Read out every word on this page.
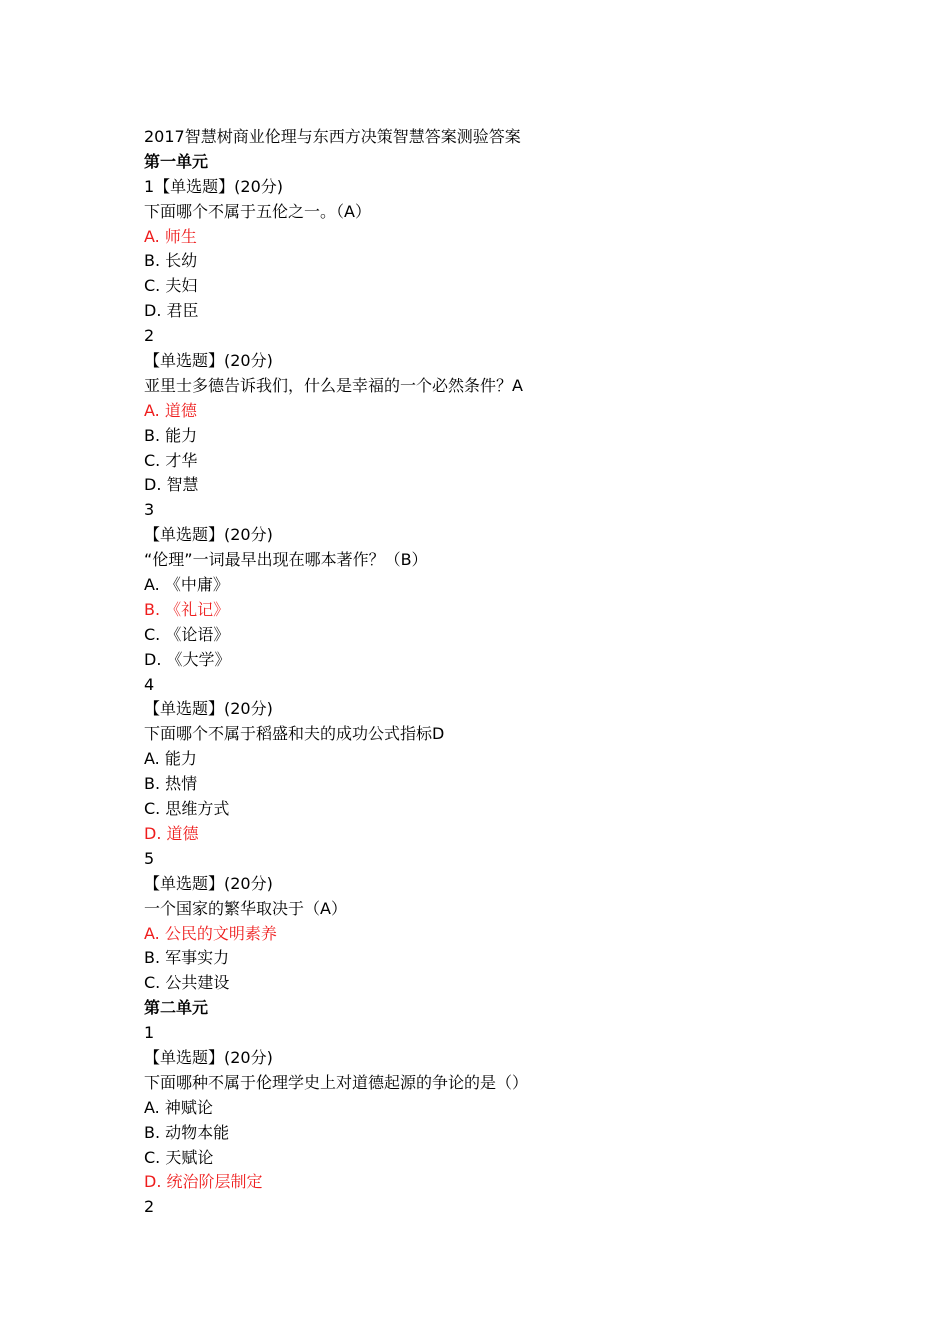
2017智慧树商业伦理与东西方决策智慧答案测验答案
第一单元
1【单选题】(20分)
下面哪个不属于五伦之一。（A）
A. 师生
B. 长幼
C. 夫妇
D. 君臣
2
【单选题】(20分)
亚里士多德告诉我们，什么是幸福的一个必然条件？A
A. 道德
B. 能力
C. 才华
D. 智慧
3
【单选题】(20分)
“伦理”一词最早出现在哪本著作？（B）
A. 《中庸》
B. 《礼记》
C. 《论语》
D. 《大学》
4
【单选题】(20分)
下面哪个不属于稻盛和夫的成功公式指标D
A. 能力
B. 热情
C. 思维方式
D. 道德
5
【单选题】(20分)
一个国家的繁华取决于（A）
A. 公民的文明素养
B. 军事实力
C. 公共建设
第二单元
1
【单选题】(20分)
下面哪种不属于伦理学史上对道德起源的争论的是（）
A. 神赋论
B. 动物本能
C. 天赋论
D. 统治阶层制定
2
